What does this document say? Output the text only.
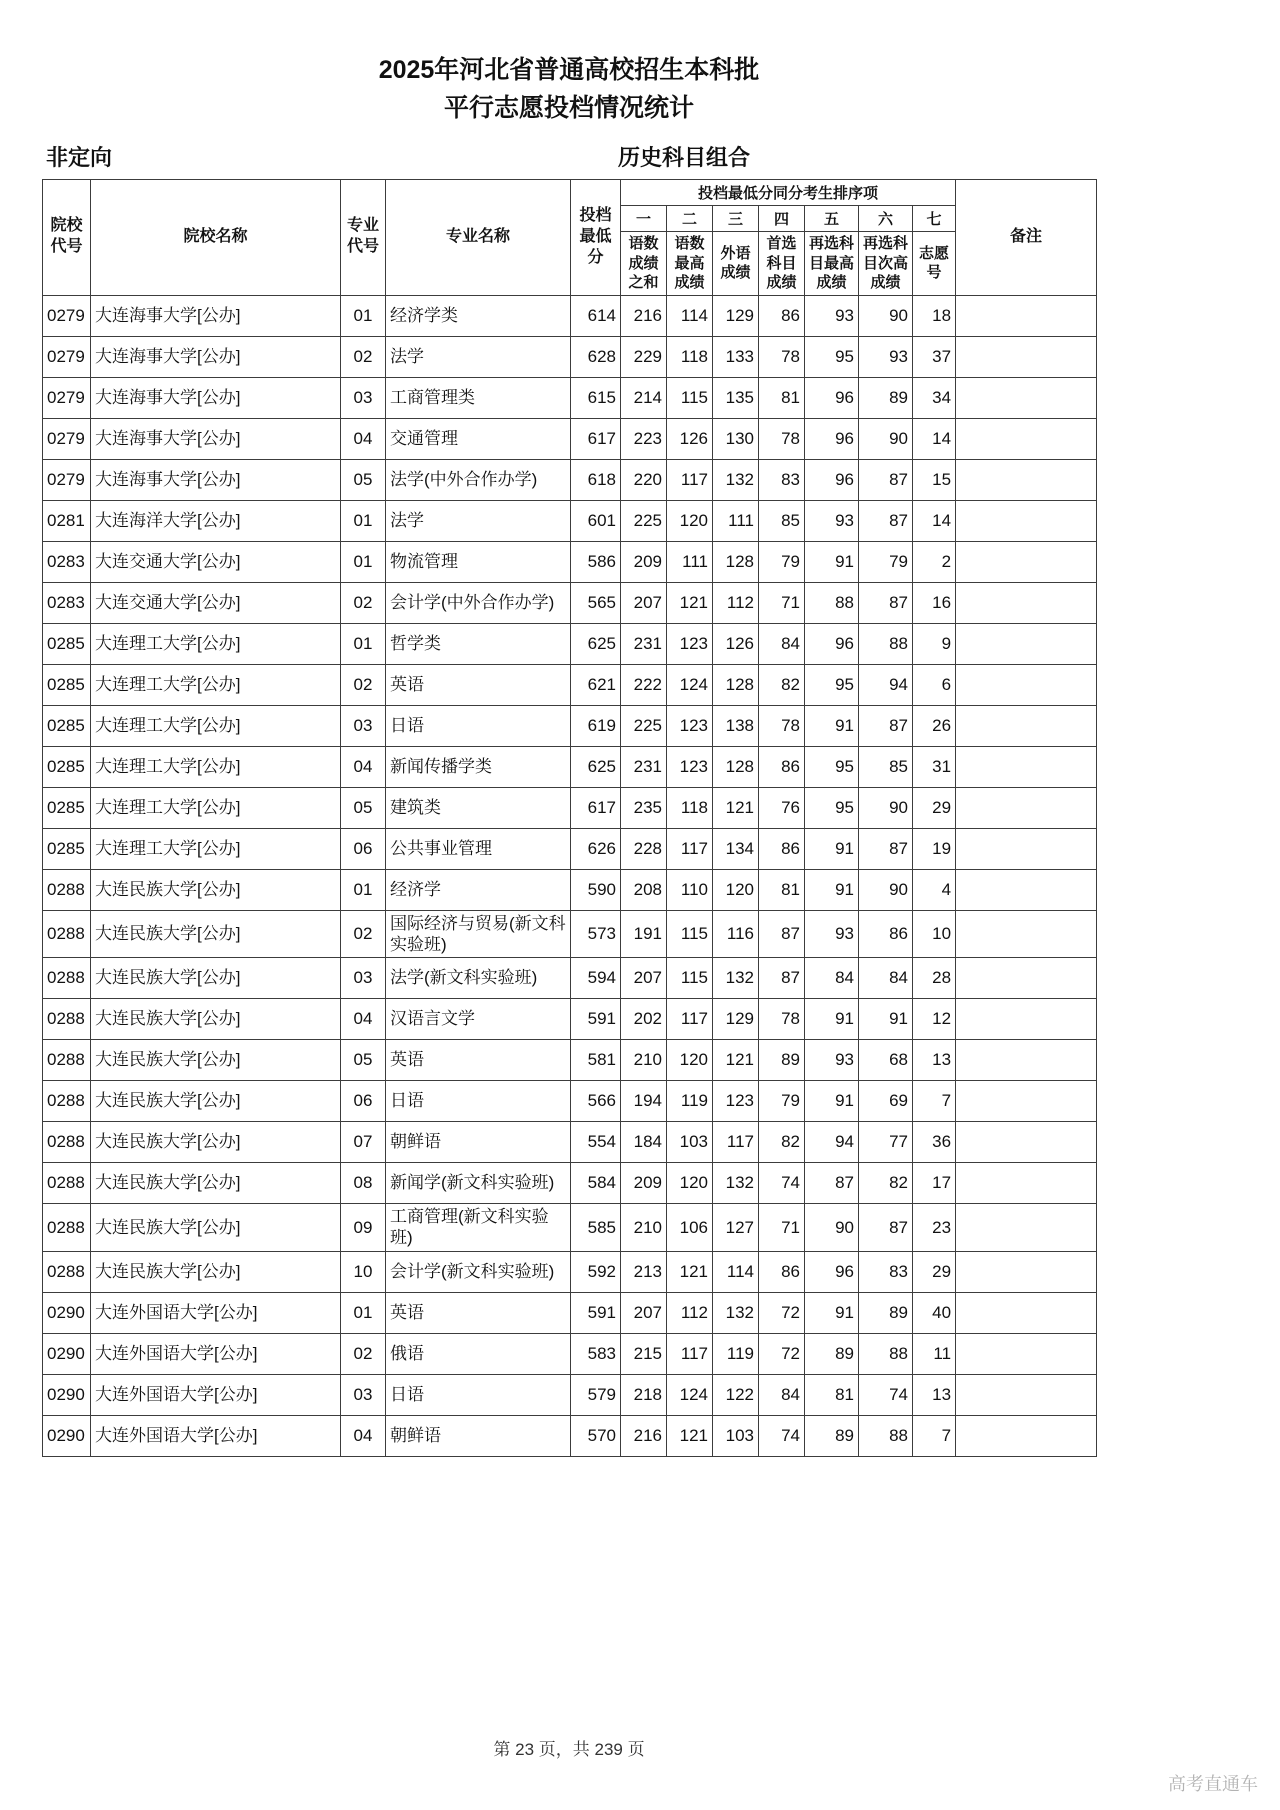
2025年河北省普通高校招生本科批
平行志愿投档情况统计
非定向	历史科目组合
院校代号	院校名称	专业代号	专业名称	投档最低分	投档最低分同分考生排序项							备注
					一	二	三	四	五	六	七	
					语数成绩之和	语数最高成绩	外语成绩	首选科目成绩	再选科目最高成绩	再选科目次高成绩	志愿号	
0279	大连海事大学[公办]	01	经济学类	614	216	114	129	86	93	90	18	
0279	大连海事大学[公办]	02	法学	628	229	118	133	78	95	93	37	
0279	大连海事大学[公办]	03	工商管理类	615	214	115	135	81	96	89	34	
0279	大连海事大学[公办]	04	交通管理	617	223	126	130	78	96	90	14	
0279	大连海事大学[公办]	05	法学(中外合作办学)	618	220	117	132	83	96	87	15	
0281	大连海洋大学[公办]	01	法学	601	225	120	111	85	93	87	14	
0283	大连交通大学[公办]	01	物流管理	586	209	111	128	79	91	79	2	
0283	大连交通大学[公办]	02	会计学(中外合作办学)	565	207	121	112	71	88	87	16	
0285	大连理工大学[公办]	01	哲学类	625	231	123	126	84	96	88	9	
0285	大连理工大学[公办]	02	英语	621	222	124	128	82	95	94	6	
0285	大连理工大学[公办]	03	日语	619	225	123	138	78	91	87	26	
0285	大连理工大学[公办]	04	新闻传播学类	625	231	123	128	86	95	85	31	
0285	大连理工大学[公办]	05	建筑类	617	235	118	121	76	95	90	29	
0285	大连理工大学[公办]	06	公共事业管理	626	228	117	134	86	91	87	19	
0288	大连民族大学[公办]	01	经济学	590	208	110	120	81	91	90	4	
0288	大连民族大学[公办]	02	国际经济与贸易(新文科实验班)	573	191	115	116	87	93	86	10	
0288	大连民族大学[公办]	03	法学(新文科实验班)	594	207	115	132	87	84	84	28	
0288	大连民族大学[公办]	04	汉语言文学	591	202	117	129	78	91	91	12	
0288	大连民族大学[公办]	05	英语	581	210	120	121	89	93	68	13	
0288	大连民族大学[公办]	06	日语	566	194	119	123	79	91	69	7	
0288	大连民族大学[公办]	07	朝鲜语	554	184	103	117	82	94	77	36	
0288	大连民族大学[公办]	08	新闻学(新文科实验班)	584	209	120	132	74	87	82	17	
0288	大连民族大学[公办]	09	工商管理(新文科实验班)	585	210	106	127	71	90	87	23	
0288	大连民族大学[公办]	10	会计学(新文科实验班)	592	213	121	114	86	96	83	29	
0290	大连外国语大学[公办]	01	英语	591	207	112	132	72	91	89	40	
0290	大连外国语大学[公办]	02	俄语	583	215	117	119	72	89	88	11	
0290	大连外国语大学[公办]	03	日语	579	218	124	122	84	81	74	13	
0290	大连外国语大学[公办]	04	朝鲜语	570	216	121	103	74	89	88	7	
第 23 页，共 239 页
高考直通车
